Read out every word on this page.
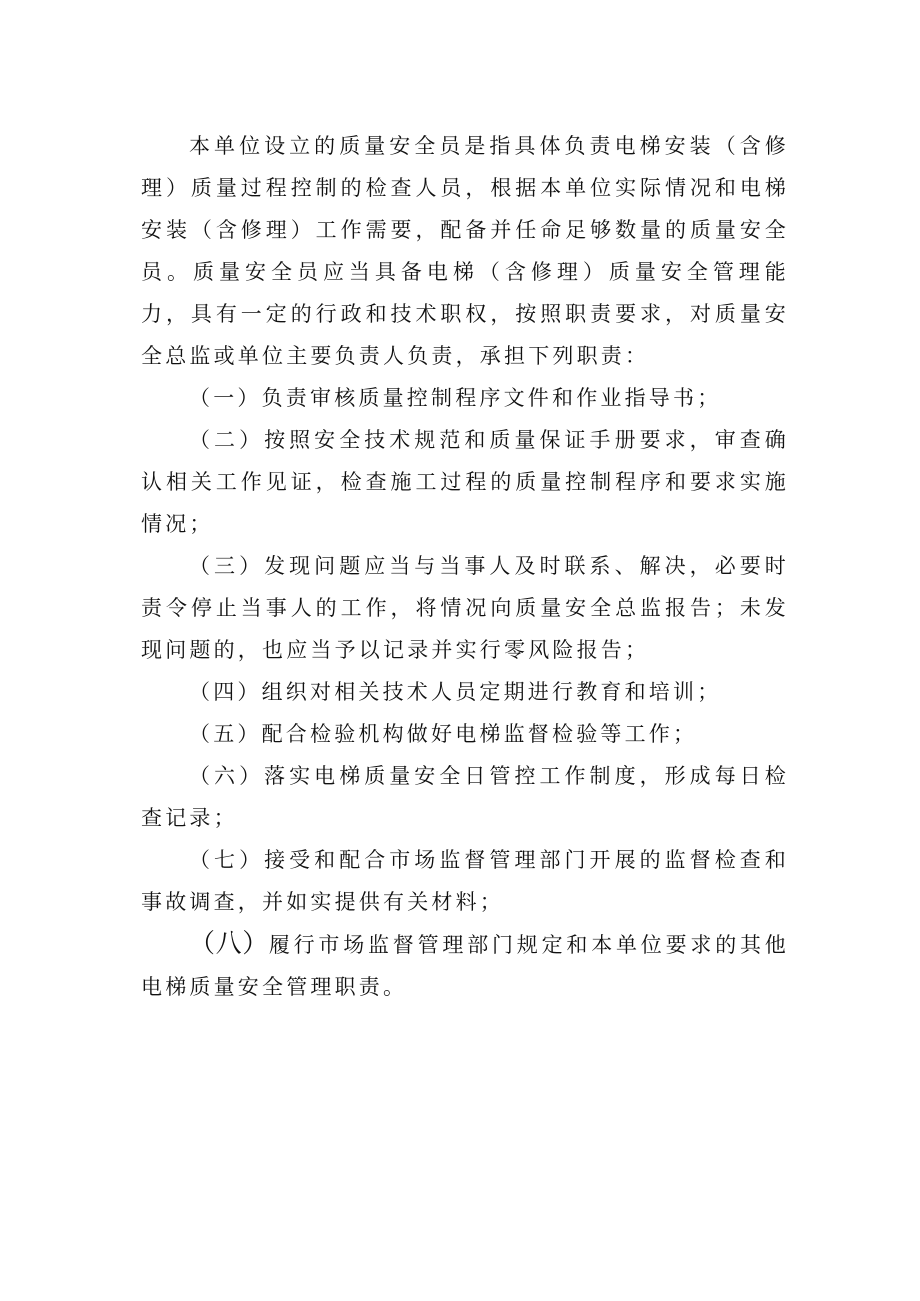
本单位设立的质量安全员是指具体负责电梯安装（含修理）质量过程控制的检查人员，根据本单位实际情况和电梯安装（含修理）工作需要，配备并任命足够数量的质量安全员。质量安全员应当具备电梯（含修理）质量安全管理能力，具有一定的行政和技术职权，按照职责要求，对质量安全总监或单位主要负责人负责，承担下列职责：

（一）负责审核质量控制程序文件和作业指导书；

（二）按照安全技术规范和质量保证手册要求，审查确认相关工作见证，检查施工过程的质量控制程序和要求实施情况；

（三）发现问题应当与当事人及时联系、解决，必要时责令停止当事人的工作，将情况向质量安全总监报告；未发现问题的，也应当予以记录并实行零风险报告；

（四）组织对相关技术人员定期进行教育和培训；

（五）配合检验机构做好电梯监督检验等工作；

（六）落实电梯质量安全日管控工作制度，形成每日检查记录；

（七）接受和配合市场监督管理部门开展的监督检查和事故调查，并如实提供有关材料；

（八）履行市场监督管理部门规定和本单位要求的其他电梯质量安全管理职责。
